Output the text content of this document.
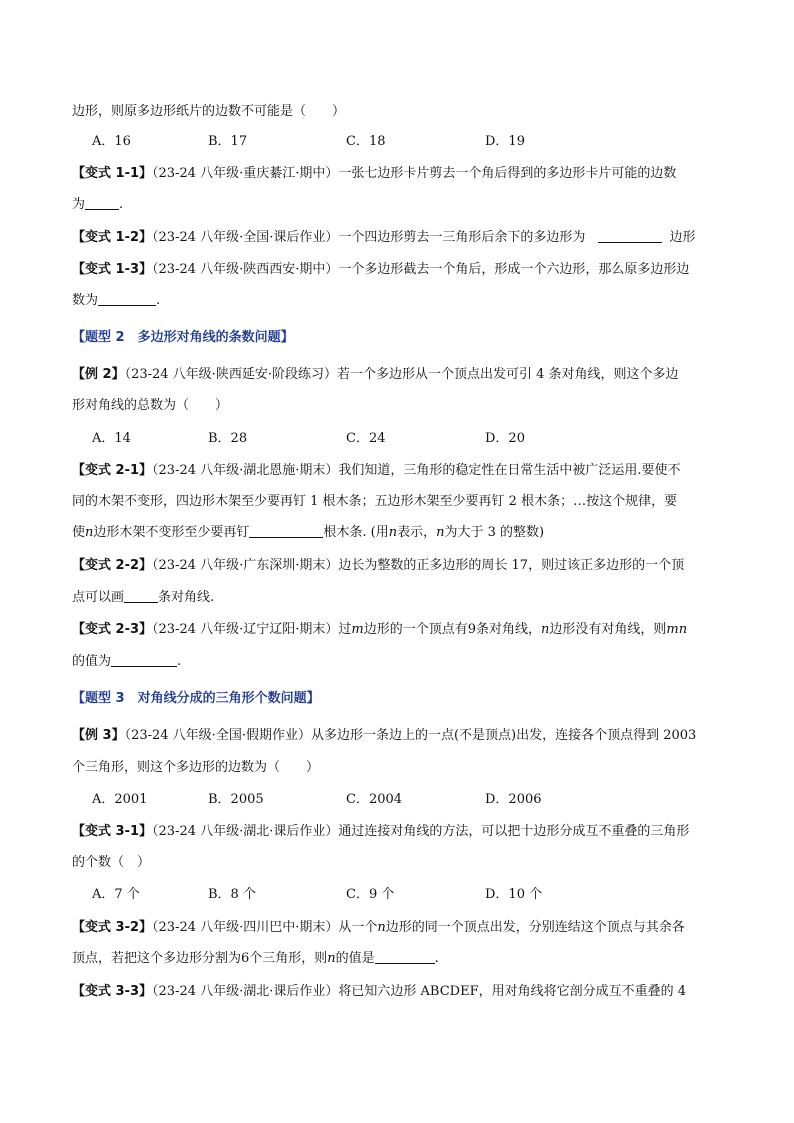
边形，则原多边形纸片的边数不可能是（　　）
A．16	B．17	C．18	D．19
【变式 1-1】（23-24 八年级·重庆綦江·期中）一张七边形卡片剪去一个角后得到的多边形卡片可能的边数
为	.
【变式 1-2】（23-24 八年级·全国·课后作业）一个四边形剪去一三角形后余下的多边形为	边形
【变式 1-3】（23-24 八年级·陕西西安·期中）一个多边形截去一个角后，形成一个六边形，那么原多边形边
数为	.
【题型 2　多边形对角线的条数问题】
【例 2】（23-24 八年级·陕西延安·阶段练习）若一个多边形从一个顶点出发可引 4 条对角线，则这个多边
形对角线的总数为（　　）
A．14	B．28	C．24	D．20
【变式 2-1】（23-24 八年级·湖北恩施·期末）我们知道，三角形的稳定性在日常生活中被广泛运用.要使不
同的木架不变形，四边形木架至少要再钉 1 根木条；五边形木架至少要再钉 2 根木条；…按这个规律，要
使n边形木架不变形至少要再钉	根木条. (用n表示，n为大于 3 的整数)
【变式 2-2】（23-24 八年级·广东深圳·期末）边长为整数的正多边形的周长 17，则过该正多边形的一个顶
点可以画	条对角线.
【变式 2-3】（23-24 八年级·辽宁辽阳·期末）过m边形的一个顶点有9条对角线，n边形没有对角线，则mn
的值为	.
【题型 3　对角线分成的三角形个数问题】
【例 3】（23-24 八年级·全国·假期作业）从多边形一条边上的一点(不是顶点)出发，连接各个顶点得到 2003
个三角形，则这个多边形的边数为（　　）
A．2001	B．2005	C．2004	D．2006
【变式 3-1】（23-24 八年级·湖北·课后作业）通过连接对角线的方法，可以把十边形分成互不重叠的三角形
的个数（　）
A．7 个	B．8 个	C．9 个	D．10 个
【变式 3-2】（23-24 八年级·四川巴中·期末）从一个n边形的同一个顶点出发，分别连结这个顶点与其余各
顶点，若把这个多边形分割为6个三角形，则n的值是	.
【变式 3-3】（23-24 八年级·湖北·课后作业）将已知六边形 ABCDEF，用对角线将它剖分成互不重叠的 4
